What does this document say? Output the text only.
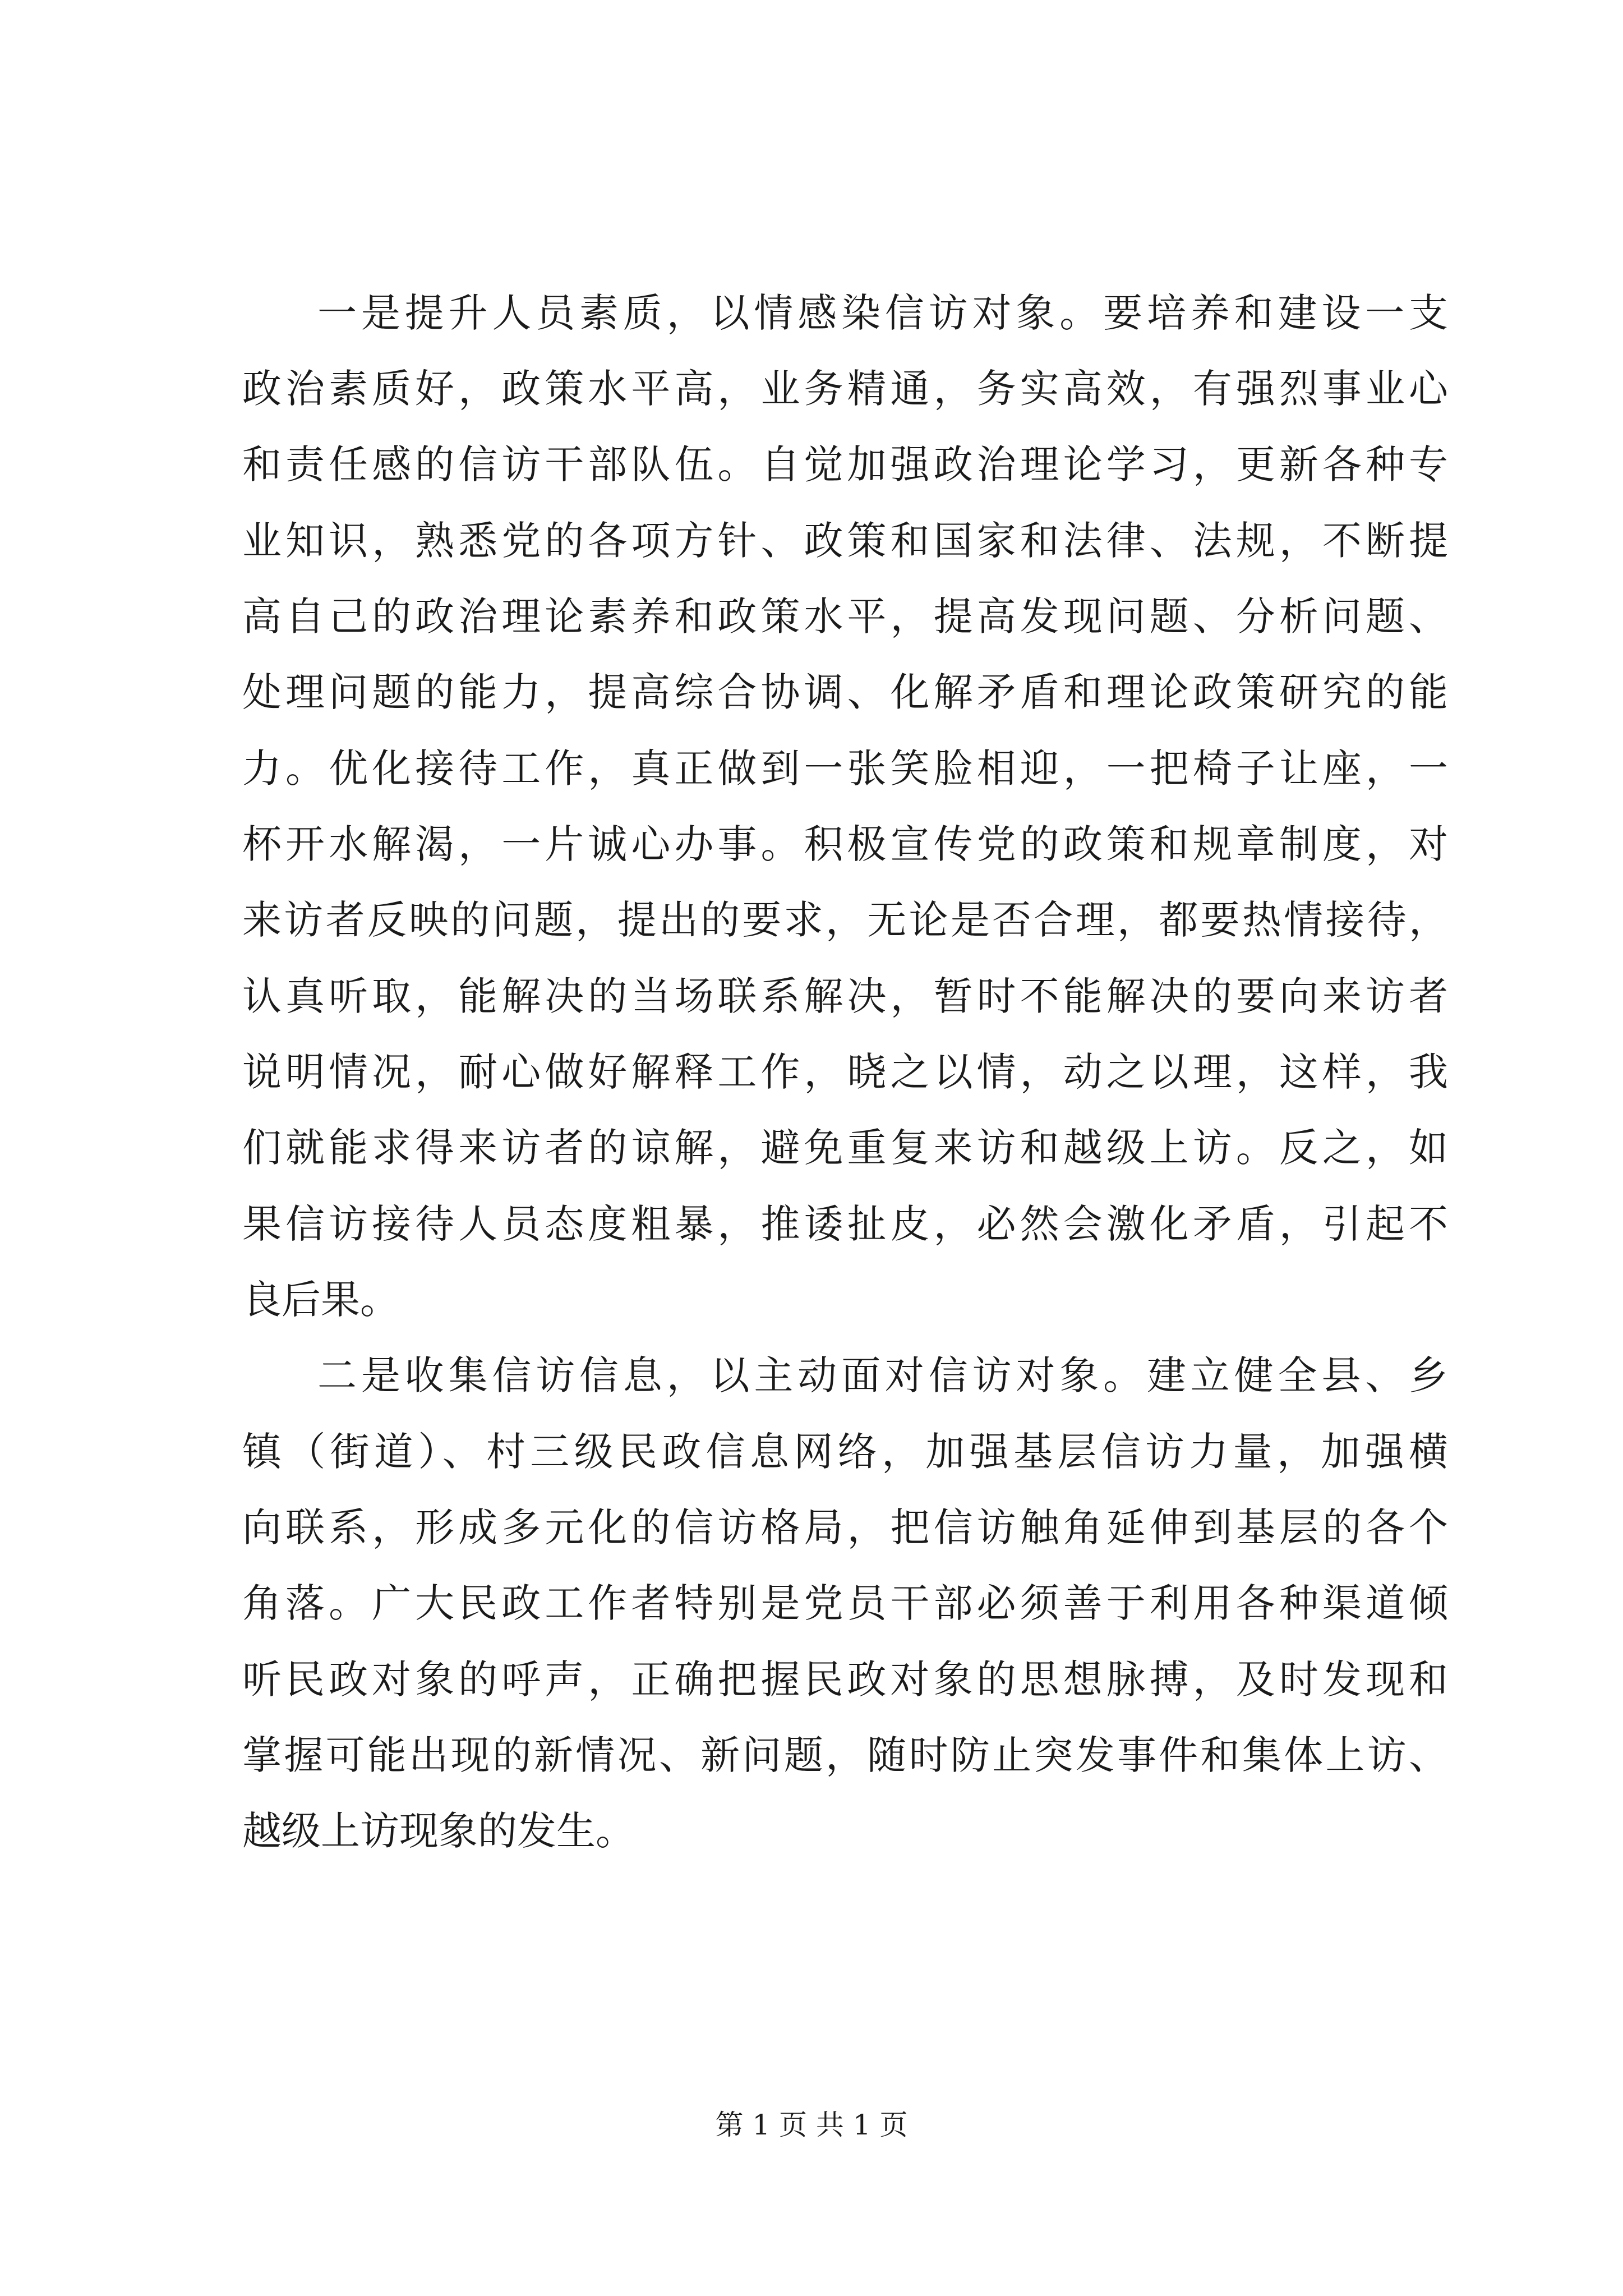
一是提升人员素质，以情感染信访对象。要培养和建设一支
政治素质好，政策水平高，业务精通，务实高效，有强烈事业心
和责任感的信访干部队伍。自觉加强政治理论学习，更新各种专
业知识，熟悉党的各项方针、政策和国家和法律、法规，不断提
高自己的政治理论素养和政策水平，提高发现问题、分析问题、
处理问题的能力，提高综合协调、化解矛盾和理论政策研究的能
力。优化接待工作，真正做到一张笑脸相迎，一把椅子让座，一
杯开水解渴，一片诚心办事。积极宣传党的政策和规章制度，对
来访者反映的问题，提出的要求，无论是否合理，都要热情接待，
认真听取，能解决的当场联系解决，暂时不能解决的要向来访者
说明情况，耐心做好解释工作，晓之以情，动之以理，这样，我
们就能求得来访者的谅解，避免重复来访和越级上访。反之，如
果信访接待人员态度粗暴，推诿扯皮，必然会激化矛盾，引起不
良后果。
二是收集信访信息，以主动面对信访对象。建立健全县、乡
镇（街道）、村三级民政信息网络，加强基层信访力量，加强横
向联系，形成多元化的信访格局，把信访触角延伸到基层的各个
角落。广大民政工作者特别是党员干部必须善于利用各种渠道倾
听民政对象的呼声，正确把握民政对象的思想脉搏，及时发现和
掌握可能出现的新情况、新问题，随时防止突发事件和集体上访、
越级上访现象的发生。
第 1 页 共 1 页
